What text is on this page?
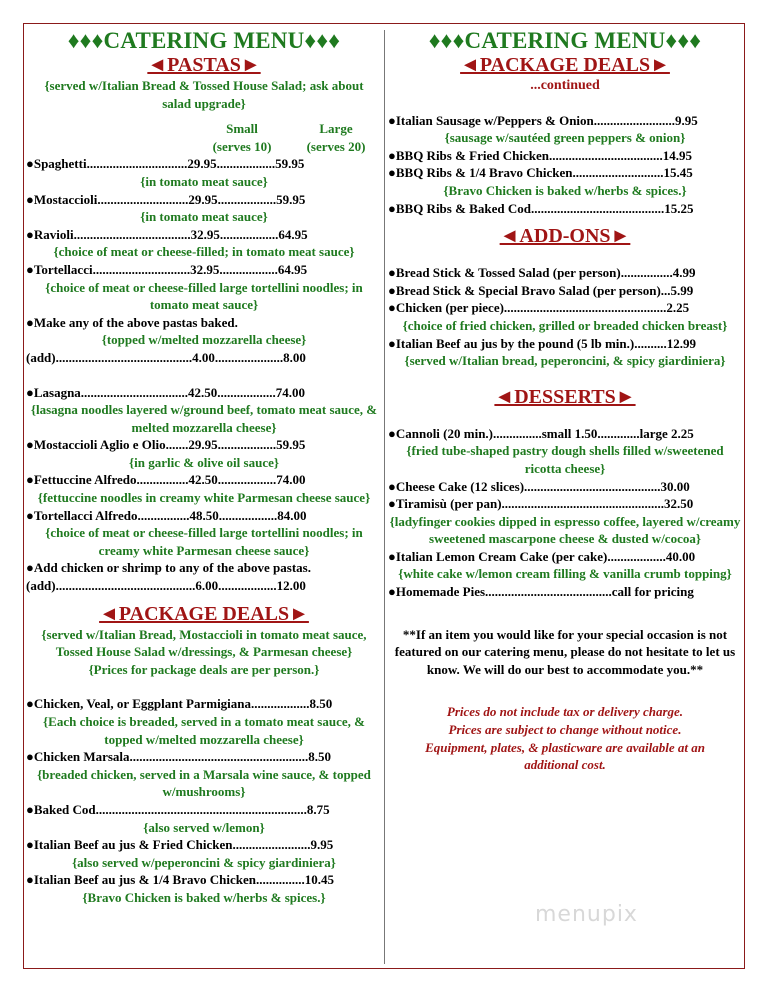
♦♦♦CATERING MENU♦♦♦
◄PASTAS►
{served w/Italian Bread & Tossed House Salad; ask about salad upgrade}
Small
(serves 10)
Large
(serves 20)
●Spaghetti...............................29.95..................59.95
{in tomato meat sauce}
●Mostaccioli............................29.95..................59.95
{in tomato meat sauce}
●Ravioli....................................32.95..................64.95
{choice of meat or cheese-filled; in tomato meat sauce}
●Tortellacci..............................32.95..................64.95
{choice of meat or cheese-filled large tortellini noodles; in tomato meat sauce}
●Make any of the above pastas baked.
{topped w/melted mozzarella cheese}
(add)..........................................4.00.....................8.00
●Lasagna.................................42.50..................74.00
{lasagna noodles layered w/ground beef, tomato meat sauce, & melted mozzarella cheese}
●Mostaccioli Aglio e Olio.......29.95..................59.95
{in garlic & olive oil sauce}
●Fettuccine Alfredo................42.50..................74.00
{fettuccine noodles in creamy white Parmesan cheese sauce}
●Tortellacci Alfredo................48.50..................84.00
{choice of meat or cheese-filled large tortellini noodles; in creamy white Parmesan cheese sauce}
●Add chicken or shrimp to any of the above pastas.
(add)...........................................6.00..................12.00
◄PACKAGE DEALS►
{served w/Italian Bread, Mostaccioli in tomato meat sauce, Tossed House Salad w/dressings, & Parmesan cheese}
{Prices for package deals are per person.}
●Chicken, Veal, or Eggplant Parmigiana..................8.50
{Each choice is breaded, served in a tomato meat sauce, & topped w/melted mozzarella cheese}
●Chicken Marsala.......................................................8.50
{breaded chicken, served in a Marsala wine sauce, & topped w/mushrooms}
●Baked Cod.................................................................8.75
{also served w/lemon}
●Italian Beef au jus & Fried Chicken........................9.95
{also served w/peperoncini & spicy giardiniera}
●Italian Beef au jus & 1/4 Bravo Chicken...............10.45
{Bravo Chicken is baked w/herbs & spices.}
♦♦♦CATERING MENU♦♦♦
◄PACKAGE DEALS►
...continued
●Italian Sausage w/Peppers & Onion.........................9.95
{sausage w/sautéed green peppers & onion}
●BBQ Ribs & Fried Chicken...................................14.95
●BBQ Ribs & 1/4 Bravo Chicken............................15.45
{Bravo Chicken is baked w/herbs & spices.}
●BBQ Ribs & Baked Cod.........................................15.25
◄ADD-ONS►
●Bread Stick & Tossed Salad (per person)................4.99
●Bread Stick & Special Bravo Salad (per person)...5.99
●Chicken (per piece)..................................................2.25
{choice of fried chicken, grilled or breaded chicken breast}
●Italian Beef au jus by the pound (5 lb min.)..........12.99
{served w/Italian bread, peperoncini, & spicy giardiniera}
◄DESSERTS►
●Cannoli (20 min.)...............small 1.50.............large 2.25
{fried tube-shaped pastry dough shells filled w/sweetened ricotta cheese}
●Cheese Cake (12 slices)..........................................30.00
●Tiramisù (per pan)..................................................32.50
{ladyfinger cookies dipped in espresso coffee, layered w/creamy sweetened mascarpone cheese & dusted w/cocoa}
●Italian Lemon Cream Cake (per cake)..................40.00
{white cake w/lemon cream filling & vanilla crumb topping}
●Homemade Pies.......................................call for pricing
**If an item you would like for your special occasion is not featured on our catering menu, please do not hesitate to let us know. We will do our best to accommodate you.**
Prices do not include tax or delivery charge.
Prices are subject to change without notice.
Equipment, plates, & plasticware are available at an additional cost.
menupix
